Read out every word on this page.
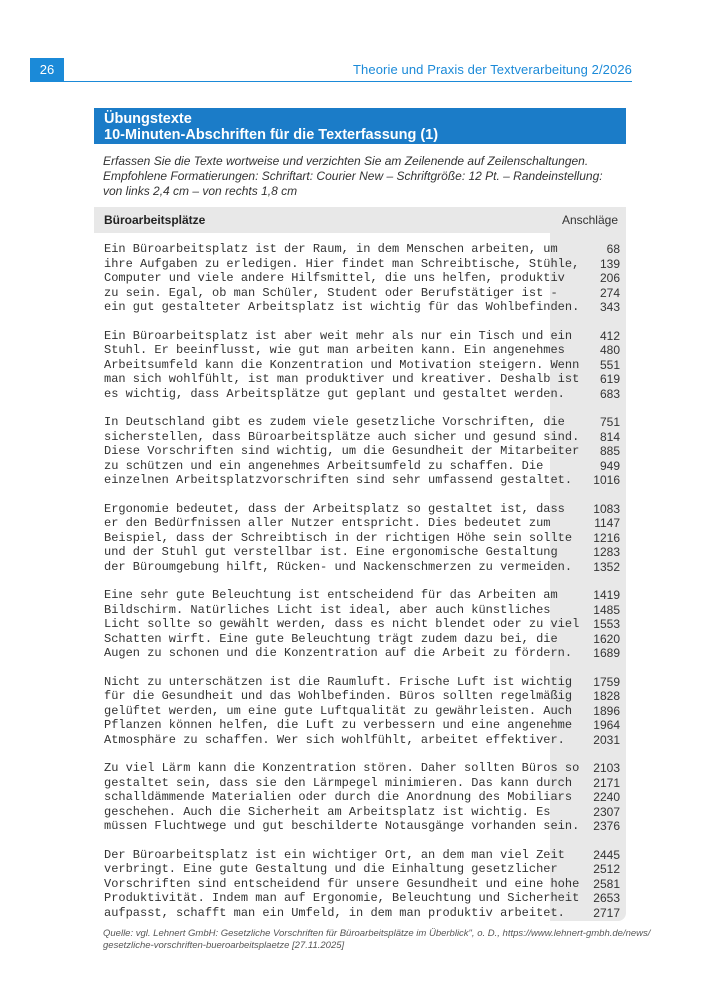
26	Theorie und Praxis der Textverarbeitung 2/2026
Übungstexte
10-Minuten-Abschriften für die Texterfassung (1)
Erfassen Sie die Texte wortweise und verzichten Sie am Zeilenende auf Zeilenschaltungen.
Empfohlene Formatierungen: Schriftart: Courier New – Schriftgröße: 12 Pt. – Randeinstellung:
von links 2,4 cm – von rechts 1,8 cm
Büroarbeitsplätze	Anschläge
Ein Büroarbeitsplatz ist der Raum, in dem Menschen arbeiten, um
ihre Aufgaben zu erledigen. Hier findet man Schreibtische, Stühle,
Computer und viele andere Hilfsmittel, die uns helfen, produktiv
zu sein. Egal, ob man Schüler, Student oder Berufstätiger ist -
ein gut gestalteter Arbeitsplatz ist wichtig für das Wohlbefinden.
68
139
206
274
343
Ein Büroarbeitsplatz ist aber weit mehr als nur ein Tisch und ein
Stuhl. Er beeinflusst, wie gut man arbeiten kann. Ein angenehmes
Arbeitsumfeld kann die Konzentration und Motivation steigern. Wenn
man sich wohlfühlt, ist man produktiver und kreativer. Deshalb ist
es wichtig, dass Arbeitsplätze gut geplant und gestaltet werden.
412
480
551
619
683
In Deutschland gibt es zudem viele gesetzliche Vorschriften, die
sicherstellen, dass Büroarbeitsplätze auch sicher und gesund sind.
Diese Vorschriften sind wichtig, um die Gesundheit der Mitarbeiter
zu schützen und ein angenehmes Arbeitsumfeld zu schaffen. Die
einzelnen Arbeitsplatzvorschriften sind sehr umfassend gestaltet.
751
814
885
949
1016
Ergonomie bedeutet, dass der Arbeitsplatz so gestaltet ist, dass
er den Bedürfnissen aller Nutzer entspricht. Dies bedeutet zum
Beispiel, dass der Schreibtisch in der richtigen Höhe sein sollte
und der Stuhl gut verstellbar ist. Eine ergonomische Gestaltung
der Büroumgebung hilft, Rücken- und Nackenschmerzen zu vermeiden.
1083
1147
1216
1283
1352
Eine sehr gute Beleuchtung ist entscheidend für das Arbeiten am
Bildschirm. Natürliches Licht ist ideal, aber auch künstliches
Licht sollte so gewählt werden, dass es nicht blendet oder zu viel
Schatten wirft. Eine gute Beleuchtung trägt zudem dazu bei, die
Augen zu schonen und die Konzentration auf die Arbeit zu fördern.
1419
1485
1553
1620
1689
Nicht zu unterschätzen ist die Raumluft. Frische Luft ist wichtig
für die Gesundheit und das Wohlbefinden. Büros sollten regelmäßig
gelüftet werden, um eine gute Luftqualität zu gewährleisten. Auch
Pflanzen können helfen, die Luft zu verbessern und eine angenehme
Atmosphäre zu schaffen. Wer sich wohlfühlt, arbeitet effektiver.
1759
1828
1896
1964
2031
Zu viel Lärm kann die Konzentration stören. Daher sollten Büros so
gestaltet sein, dass sie den Lärmpegel minimieren. Das kann durch
schalldämmende Materialien oder durch die Anordnung des Mobiliars
geschehen. Auch die Sicherheit am Arbeitsplatz ist wichtig. Es
müssen Fluchtwege und gut beschilderte Notausgänge vorhanden sein.
2103
2171
2240
2307
2376
Der Büroarbeitsplatz ist ein wichtiger Ort, an dem man viel Zeit
verbringt. Eine gute Gestaltung und die Einhaltung gesetzlicher
Vorschriften sind entscheidend für unsere Gesundheit und eine hohe
Produktivität. Indem man auf Ergonomie, Beleuchtung und Sicherheit
aufpasst, schafft man ein Umfeld, in dem man produktiv arbeitet.
2445
2512
2581
2653
2717
Quelle: vgl. Lehnert GmbH: Gesetzliche Vorschriften für Büroarbeitsplätze im Überblick", o. D., https://www.lehnert-gmbh.de/news/
gesetzliche-vorschriften-bueroarbeitsplaetze [27.11.2025]
